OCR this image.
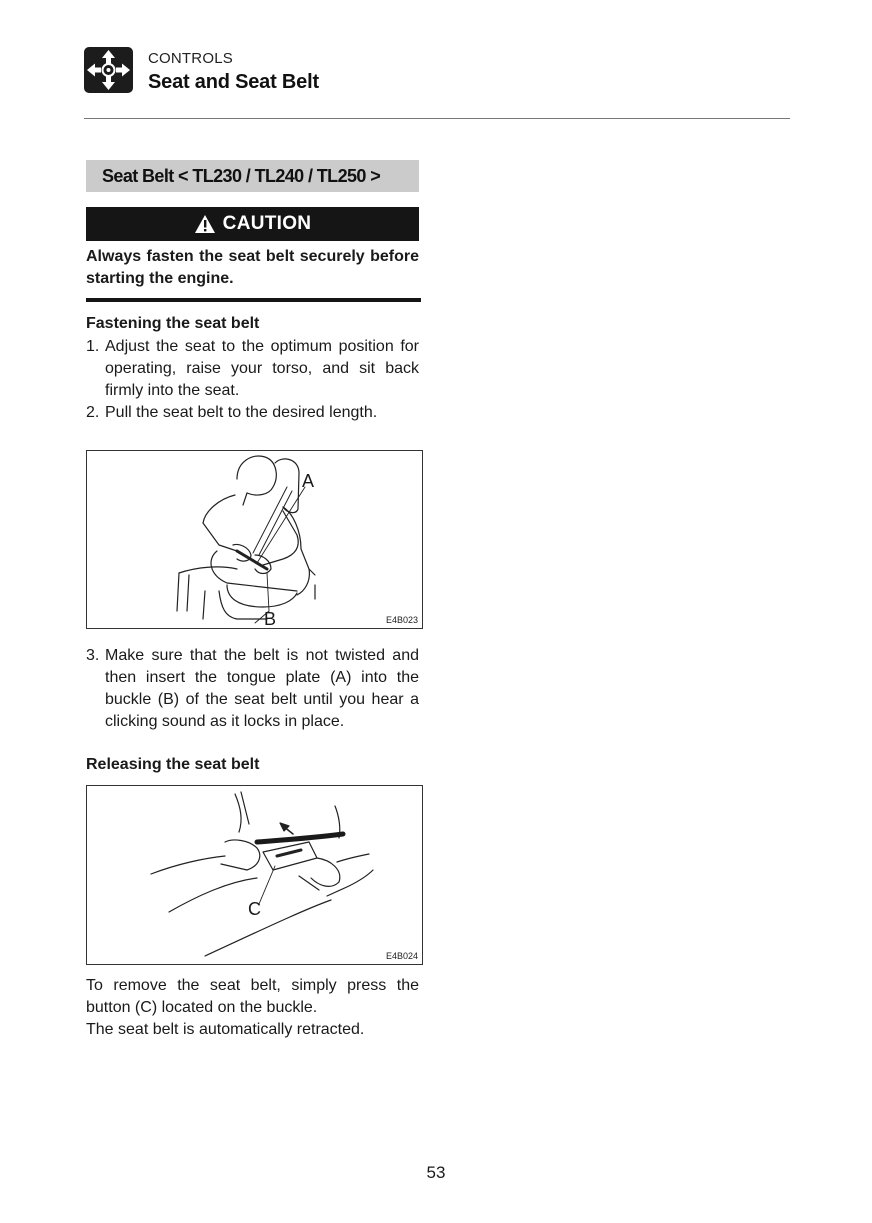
CONTROLS
Seat and Seat Belt
Seat Belt < TL230 / TL240 / TL250 >
CAUTION
Always fasten the seat belt securely before starting the engine.
Fastening the seat belt
1. Adjust the seat to the optimum position for operating, raise your torso, and sit back firmly into the seat.
2. Pull the seat belt to the desired length.
A
B	E4B023
3. Make sure that the belt is not twisted and then insert the tongue plate (A) into the buckle (B) of the seat belt until you hear a clicking sound as it locks in place.
Releasing the seat belt
C
E4B024

To remove the seat belt, simply press the button (C) located on the buckle.

The seat belt is automatically retracted.

53
